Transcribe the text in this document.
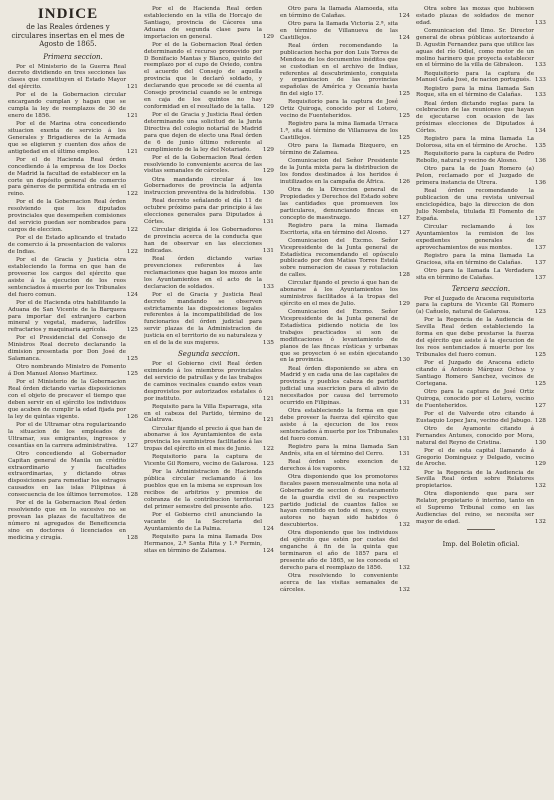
INDICE
de las Reales órdenes y circulares insertas en el mes de Agosto de 1865.
Primera seccion.
Por el Ministerio de la Guerra Real decreto dividiendo en tres secciones las clases que constituyen el Estado Mayor del ejército.	121
Por el de la Gobernacion circular encargando cumplan y hagan que se cumpla la ley de reemplazos de 30 de enero de 1856.	121
Por el de Marina otra concediendo situacion exenta de servicio á los Generales y Brigadieres de la Armada que se eligieren y cuenten dos años de antigüedad en el último empleo.	121
Por el de Hacienda Real órden concediendo á la empresa de los Docks de Madrid la facultad de establecer en la corte un depósito general de comercio para géneros de permitida entrada en el reino.	122
Por el de la Gobernacion Real órden resolviendo que los diputados provinciales que desempeñen comisiones del servicio puedan ser nombrados para cargos de eleccion.	122
Por el de Estado aplicando el tratado de comercio á la presentacion de valores de Indias.	122
Por el de Gracia y Justicia otra estableciendo la forma en que han de proveerse los cargos del ejército que asiste á la ejecucion de los reos sentenciados á muerte por los Tribunales del fuero comun.	124
Por el de Hacienda otra habilitando la Aduana de San Vicente de la Barquera para importar del extranjero carbon mineral y vegetal, maderas, ladrillos refractarios y maquinaria agrícola.	125
Por el Presidencial del Consejo de Ministros Real decreto declarando la dimision presentada por Don José de Salamanca.	125
Otro nombrando Ministro de Fomento á Don Manuel Alonso Martinez.	125
Por el Ministerio de la Gobernacion Real órden dictando varias disposiciones con el objeto de precaver el tiempo que deben servir en el ejército los individuos que acaben de cumplir la edad fijada por la ley de quintas vigente.	126
Por el de Ultramar otra regularizando la situacion de los empleados de Ultramar, sus emigrantes, ingresos y cesantías en la carrera administrativa. 127
Otro concediendo al Gobernador Capitan general de Manila un crédito extraordinario y facultades extraordinarias, y dictando otras disposiciones para remediar los estragos causados en las islas Filipinas á consecuencia de los últimos terremotos. 128
Por el de la Gobernacion Real órden resolviendo que en lo sucesivo no se provean las plazas de facultativos de número ni agregados de Beneficencia sino en doctores ó licenciados en medicina y cirugía.	128
Por el de Hacienda Real órden estableciendo en la villa de Horcajo de Santiago, provincia de Cáceres una Aduana de segunda clase para la importacion en general.	129
Por el de la Gobernacion Real órden determinando el recurso promovido por D Bonifacio Mantas y Blanco, quinto del reemplazo por el cupo de Oviedo, contra el acuerdo del Consejo de aquella provincia que le declaró soldado, y declarando que procede se dé cuenta al Consejo provincial cuando se le entrega en caja de los quintos no hay conformidad en el resultado de la talla. 129
Por el de Gracia y Justicia Real órden determinando una solicitud de la Junta Directiva del colegio notarial de Madrid para que dejen de electo una Real órden de 6 de junio último referente al cumplimiento de la ley del Notariado. 129
Por el de la Gobernacion Real órden resolviendo lo conveniente acerca de las visitas semanales de cárceles.	129
Otra mandando circular á los Gobernadores de provincia la adjunta instruccion preventiva de la hidrofobia. 130
Real decreto señalando el día 11 de octubre próximo para dar principio á las elecciones generales para Diputados á Córtes.	131
Circular dirigida á los Gobernadores de provincia acerca de la conducta que han de observar en las elecciones indicadas.	131
Real órden dictando varias prevenciones referentes á las reclamaciones que hagan los mozos ante los Ayuntamientos en el acto de la declaracion de soldados.	133
Por el de Gracia y Justicia Real decreto mandando se observen estrictamente las disposiciones legales referentes á la incompatibilidad de los funcionarios del órden judicial para servir plazas de la Administracion de justicia en el territorio de su naturaleza y en el de la de sus mujeres.	135
Segunda seccion.
Por el Gobierno civil Real órden eximiendo á los miembros provinciales del servicio de patrullas y de las trabajos de caminos vecinales cuando estos vean desprovistos por autorizados estatales ó por instituto.	121
Requisito para la Villa Esparraga, sita en el cabeza del Partido, término de Calatrava.	121
Circular fijando el precio á que han de abonarse á los Ayuntamientos de esta provincia los suministros facilitados á las tropas del ejército en el mes de Junio. 122
Requisitorio para la captura de Vicente Gil Romero, vecino de Galarosa. 123
Por la Administracion de Hacienda pública circular reclamando á los pueblos que en la misma se expresan los recibos de arbitrios y premios de cobranza de la contribucion territorial del primer semestre del presente año. 123
Por el Gobierno civil anunciando la vacante de la Secretaria del Ayuntamiento de La Palma.	124
Requisito para la mina llamada Dos Hermanos, 2.ª Santa Rita y 1.ª Fermin, sitas en término de Zalamea.	124
Otro para la llamada Alamoeda, sita en término de Calañas.	124
Otro para la llamada Victoria 2.ª, sita en término de Villanueva de las Castillejos.	124
Real órden recomendando la publicacion hecha por don Luis Torres de Mendoza de los documentos inéditos que se custodian en el archivo de Indias, referentes al descubrimiento, conquista y organizacion de las provincias españolas de América y Oceanía hasta fin del siglo 17.	125
Requisitorio para la captura de José Ortiz Quiroga, conocido por el Lotero, vecino de Fuenteheridos.	125
Registro para la mina llamada Urraca 1.ª, sita el término de Villanueva de los Castillejos.	125
Otro para la llamada Bizquero, en término de Zalamea.	125
Comunicacion del Señor Presidente de la Junta mixta para la distribucion de los fondos destinados á los heridos é inutilizados en la campaña de África. 126
Otra de la Direccion general de Propiedades y Derechos del Estado sobre las cantidades que promueven los particulares, denunciando fincas en concepto de maestrazgo.	127
Registro para la mina llamada Escritoria, sita en término del Alosno. 127
Comunicacion del Excmo. Señor Vicepresidente de la Junta general de Estadística recomendando el opúsculo publicado por don Matias Torres Estelá sobre numeracion de casas y rotulacion de calles.	128
Circular fijando el precio á que han de abonarse á los Ayuntamientos los suministros facilitados á la tropas del ejército en el mes de Julio.	129
Comunicacion del Excmo. Señor Vicepresidente de la Junta general de Estadística pidiendo noticia de los trabajos practicados si son de modificaciones ó levantamiento de planos de las fincas rústicas y urbanas que se proyecten ó se estén ejecutando en la provincia.	130
Real órden disponiendo se abra en Madrid y en cada una de las capitales de provincia y pueblos cabeza de partido judicial una suscricion para el alivio de necesitados por causa del terremoto ocurrido en Filipinas.	131
Otra estableciendo la forma en que debe proveer la fuerza del ejército que asiste á la ejecucion de los reos sentenciados á muerte por los Tribunales del fuero comun.	131
Registro para la mina llamada San Andrés, sita en el término del Cerro.	131
Real órden sobre exencion de derechos á los vapores.	132
Otra disponiendo que los promotores fiscales pasen mensualmente una nota al Gobernador de seccion ó destacamento de la guardia civil de su respectivo partido judicial de cuantos fallos se hayan cometido en todo el mes, y cuyos autores no hayan sido habidos ó descubiertos.	132
Otra disponiendo que los individuos del ejército que estén por cuotas del enganche á fin de la quinta que terminaron el año de 1857 para el presente año de 1865, se les conceda el derecho para el reemplazo de 1856.	132
Otra resolviendo lo conveniente acerca de las visitas semanales de cárceles.	132
Otra sobre las mozas que hubiesen estado plazas de soldados de menor edad.	133
Comunicacion del Ilmo. Sr. Director general de obras públicas autorizando á D. Agustin Fernandez para que utilice las aguas del río Odiel, como motor de un molino harinero que proyecta establecer en el término de la villa de Gibraleon. 133
Requisitorio para la captura de Manuel Gaña José, de nacion portugués. 133
Registro para la mina llamada San Roque, sita en el término de Calañas. 133
Real órden dictando reglas para la celebracion de las reuniones que hayan de ejecutarse con ocasion de las próximas elecciones de Diputados á Córtes.	134
Registro para la mina llamada La Dolorosa, sita en el término de Aroche. 135
Requisitorio para la captura de Pedro Rebollo, natural y vecino de Alosno.	136
Otro para la de Juan Romero (a) Pelon, reclamado por el Juzgado de primera instancia de Utrera.	136
Real órden recomendando la publicacion de una revista universal enciclopédica, bajo la direccion de don Julio Nombela, titulada El Fomento de España.	137
Circular reclamando á los Ayuntamientos la remision de los expedientes generales de aprovechamientos de sus montes.	137
Registro para la mina llamada La Graciosa, sita en término de Calañas. 137
Otro para la llamada La Verdadera sita en término de Calañas.	137
Tercera seccion.
Por el Juzgado de Aracena requisitoria para la captura de Vicente Gil Romero (a) Cañuelo, natural de Galarosa.	123
Por la Regencia de la Audiencia de Sevilla Real órden estableciendo la forma en que debe prestarse la fuerza del ejército que asiste á la ejecucion de los reos sentenciados á muerte por los Tribunales del fuero comun.	125
Por el Juzgado de Aracena edicto citando á Antonio Márquez Ochoa y Santiago Romero Sanchez, vecinos de Cortegana.	125
Otro para la captura de José Ortiz Quiroga, conocido por el Lotero, vecino de Fuenteheridos.	127
Por el de Valverde otro citando á Eustaquio Lopez Jara, vecino del Jabugo. 128
Otro de Ayamonte citando á Fernandes Antunes, conocido por Mora, natural del Reyno de Cristina.	130
Por el de esta capital llamando á Gregorio Dominguez y Delgado, vecino de Aroche.	129
Por la Regencia de la Audiencia de Sevilla Real órden sobre Relatores propietarios.	132
Otra disponiendo que para ser Relator, propietario ó interino, tanto en el Supremo Tribunal como en las Audiencias del reino, se necesita ser mayor de edad.	132
Imp. del Boletin oficial.
